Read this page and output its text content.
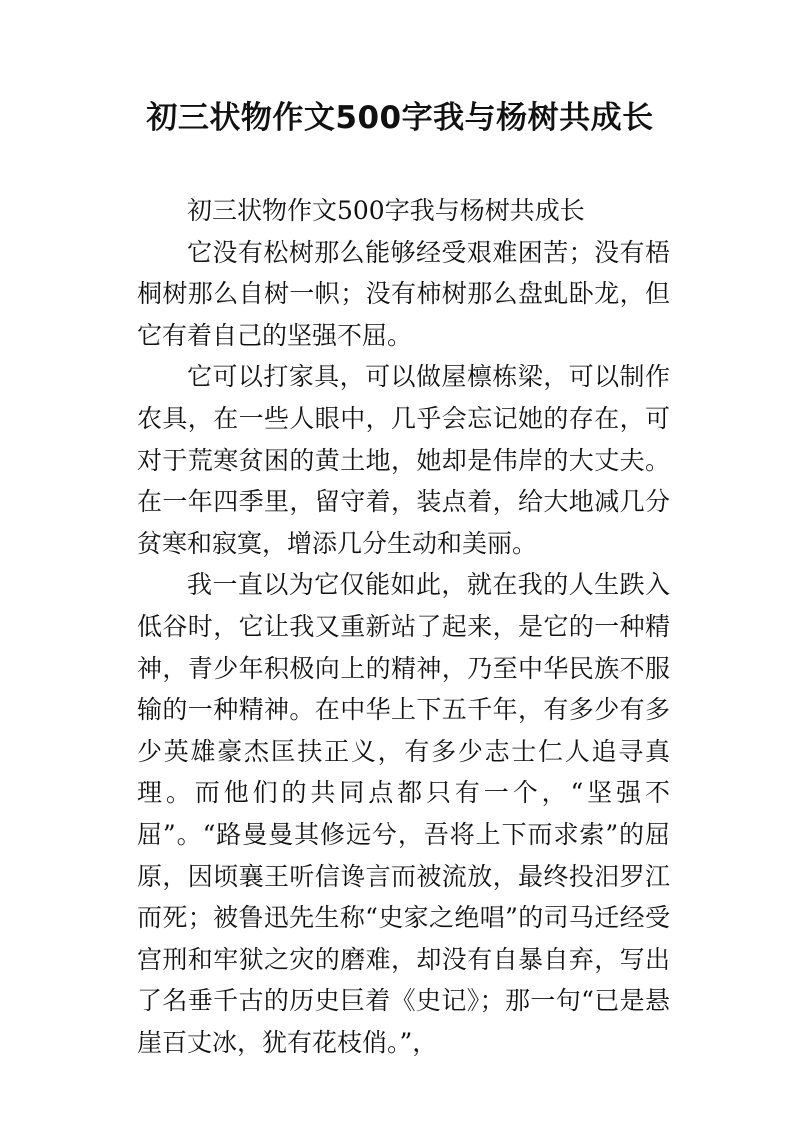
初三状物作文500字我与杨树共成长

初三状物作文500字我与杨树共成长

它没有松树那么能够经受艰难困苦；没有梧桐树那么自树一帜；没有柿树那么盘虬卧龙，但它有着自己的坚强不屈。

它可以打家具，可以做屋檩栋梁，可以制作农具，在一些人眼中，几乎会忘记她的存在，可对于荒寒贫困的黄土地，她却是伟岸的大丈夫。在一年四季里，留守着，装点着，给大地减几分贫寒和寂寞，增添几分生动和美丽。

我一直以为它仅能如此，就在我的人生跌入低谷时，它让我又重新站了起来，是它的一种精神，青少年积极向上的精神，乃至中华民族不服输的一种精神。在中华上下五千年，有多少有多少英雄豪杰匡扶正义，有多少志士仁人追寻真理。而他们的共同点都只有一个，“坚强不屈”。“路曼曼其修远兮，吾将上下而求索”的屈原，因顷襄王听信谗言而被流放，最终投汨罗江而死；被鲁迅先生称“史家之绝唱”的司马迁经受宫刑和牢狱之灾的磨难，却没有自暴自弃，写出了名垂千古的历史巨着《史记》；那一句“已是悬崖百丈冰，犹有花枝俏。”，
